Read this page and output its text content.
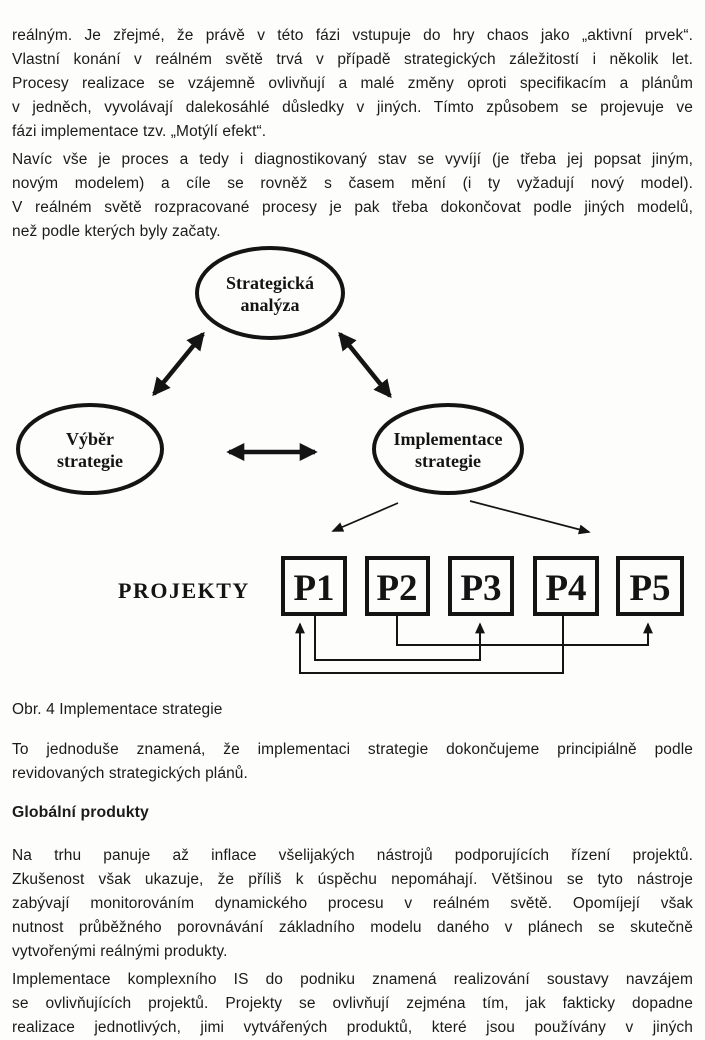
reálným. Je zřejmé, že právě v této fázi vstupuje do hry chaos jako „aktivní prvek“.
Vlastní konání v reálném světě trvá v případě strategických záležitostí i několik let.
Procesy realizace se vzájemně ovlivňují a malé změny oproti specifikacím a plánům
v jedněch, vyvolávají dalekosáhlé důsledky v jiných. Tímto způsobem se projevuje ve
fázi implementace tzv. „Motýlí efekt“.
Navíc vše je proces a tedy i diagnostikovaný stav se vyvíjí (je třeba jej popsat jiným,
novým modelem) a cíle se rovněž s časem mění (i ty vyžadují nový model).
V reálném světě rozpracované procesy je pak třeba dokončovat podle jiných modelů,
než podle kterých byly začaty.
Strategická
analýza
Výběr
strategie
Implementace
strategie
PROJEKTY P1 P2 P3 P4 P5
Obr. 4 Implementace strategie
To jednoduše znamená, že implementaci strategie dokončujeme principiálně podle
revidovaných strategických plánů.
Globální produkty
Na trhu panuje až inflace všelijakých nástrojů podporujících řízení projektů.
Zkušenost však ukazuje, že příliš k úspěchu nepomáhají. Většinou se tyto nástroje
zabývají monitorováním dynamického procesu v reálném světě. Opomíjejí však
nutnost průběžného porovnávání základního modelu daného v plánech se skutečně
vytvořenými reálnými produkty.
Implementace komplexního IS do podniku znamená realizování soustavy navzájem
se ovlivňujících projektů. Projekty se ovlivňují zejména tím, jak fakticky dopadne
realizace jednotlivých, jimi vytvářených produktů, které jsou používány v jiných
